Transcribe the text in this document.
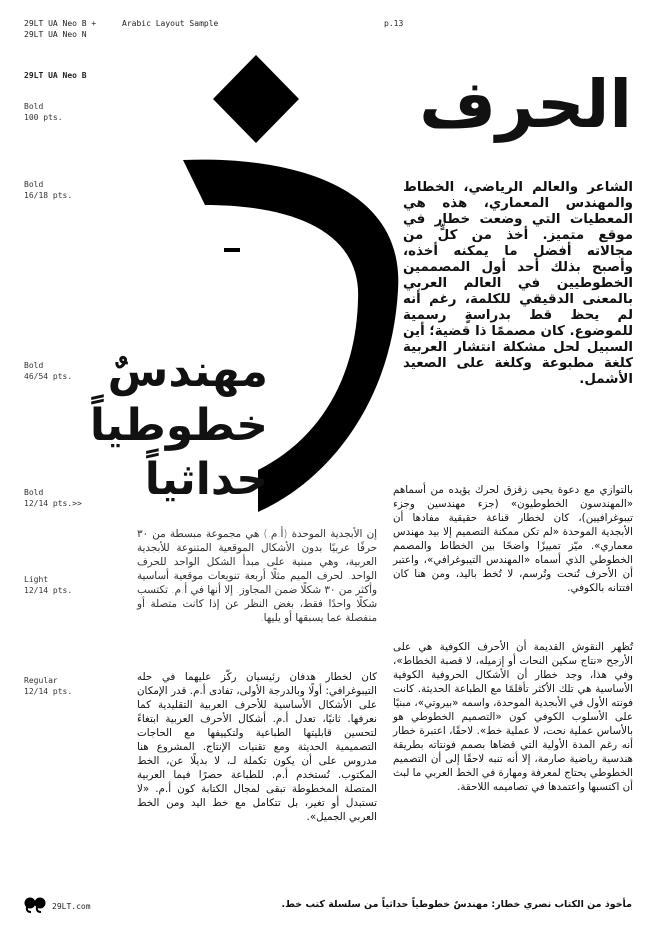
29LT UA Neo B +
29LT UA Neo N
Arabic Layout Sample	p.13
29LT UA Neo B
Bold
100 pts.
Bold
16/18 pts.
Bold
46/54 pts.
Bold
12/14 pts.>>
Light
12/14 pts.
Regular
12/14 pts.
الحرف
الشاعر والعالم الرياضي، الخطاط والمهندس المعماري، هذه هي المعطيات التي وضعت خطار في موقع متميز. أخذ من كلٍّ من مجالاته أفضل ما يمكنه أخذه، وأصبح بذلك أحد أول المصممين الخطوطيين في العالم العربي بالمعنى الدقيقي للكلمة، رغم أنه لم يحظ قط بدراسةٍ رسمية للموضوع. كان مصممًا ذا قضية؛ أين السبيل لحل مشكلة انتشار العربية كلغة مطبوعة وكلغة على الصعيد الأشمل.
مهندسٌ
خطوطياً
حداثياً	بالتوازي مع دعوة يحيى زقزق لحرك يؤيده من أسماهم «المهندسون الخطوطيون» (جزء مهندسين وجزء تيبوغرافيين)، كان لخطار قناعة حقيقية مفادها أن الأبجدية الموحدة «لم تكن ممكنة التصميم إلا بيد مهندس معماري». ميّز تمييزًا واضحًا بين الخطاط والمصمم الخطوطي الذي أسماه «المهندس التيبوغرافي»، واعتبر أن الأحرف تُنحت وتُرسم، لا تُخط باليد، ومن هنا كان افتتانه بالكوفي.
إن الأبجدية الموحدة (أ.م.) هي مجموعة مبسطة من ٣٠ حرفًا عربيًا بدون الأشكال الموقعية المتنوعة للأبجدية العربية، وهي مبنية على مبدأ الشكل الواحد للحرف الواحد. لحرف الميم مثلًا أربعة تنويعات موقعية أساسية وأكثر من ٣٠ شكلًا ضمن المجاوز. إلا أنها في أ.م. تكتسب شكلًا واحدًا فقط، بغض النظر عن إذا كانت متصلة أو منفصلة عما يسبقها أو يليها.
تُظهر النقوش القديمة أن الأحرف الكوفية هي على الأرجح «نتاج سكين النحات أو إزميله، لا قصبة الخطاط»، وفي هذا، وجد خطار أن الأشكال الحروفية الكوفية الأساسية هي تلك الأكثر تأقلمًا مع الطباعة الحديثة. كانت فونته الأول في الأبجدية الموحدة، واسمه «بيروتي»، مبنيًا على الأسلوب الكوفي كون «التصميم الخطوطي هو بالأساس عملية نحت، لا عملية خط». لاحقًا، اعتبرة خطار أنه رغم المدة الأولية التي قضاها بصمم فونتاته بطريقة هندسية رياضية صارمة، إلا أنه تنبه لاحقًا إلى أن التصميم الخطوطي يحتاج لمعرفة ومهارة في الخط العربي ما لبث أن اكتسبها واعتمدها في تصاميمه اللاحقة.
كان لخطار هدفان رئيسيان ركّز عليهما في حله التيبوغرافي: أولًا وبالدرجة الأولى، تفادى أ.م. قدر الإمكان على الأشكال الأساسية للأحرف العربية التقليدية كما نعرفها. ثانيًا، تعدل أ.م. أشكال الأحرف العربية ابتغاءً لتحسين قابليتها الطباعية ولتكييفها مع الحاجات التصميمية الحديثة ومع تقنيات الإنتاج. المشروع هنا مدروس على أن يكون تكملة لـ، لا بديلًا عن، الخط المكتوب. تُستخدم أ.م. للطباعة حصرًا فيما العربية المتصلة المخطوطة تبقى لمجال الكتابة كون أ.م. «لا تستبدل أو تغير، بل تتكامل مع خط اليد ومن الخط العربي الجميل».
29LT.com	مأخوذ من الكتاب نصري خطار: مهندسٌ خطوطياً حداثياً من سلسلة كتب خط.
